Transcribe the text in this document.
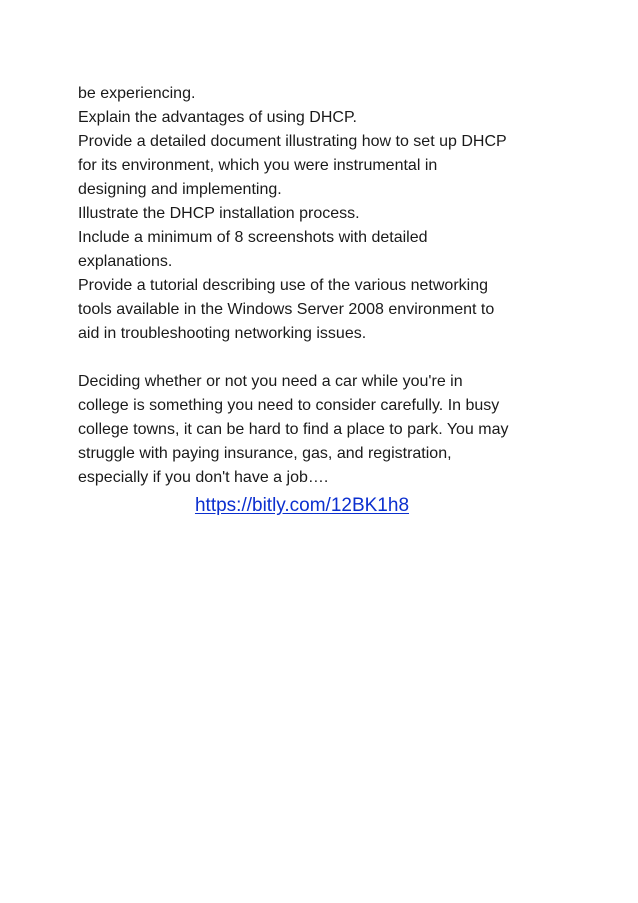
be experiencing.
Explain the advantages of using DHCP.
Provide a detailed document illustrating how to set up DHCP
for its environment, which you were instrumental in
designing and implementing.
Illustrate the DHCP installation process.
Include a minimum of 8 screenshots with detailed
explanations.
Provide a tutorial describing use of the various networking
tools available in the Windows Server 2008 environment to
aid in troubleshooting networking issues.
Deciding whether or not you need a car while you're in
college is something you need to consider carefully. In busy
college towns, it can be hard to find a place to park. You may
struggle with paying insurance, gas, and registration,
especially if you don't have a job….
https://bitly.com/12BK1h8
